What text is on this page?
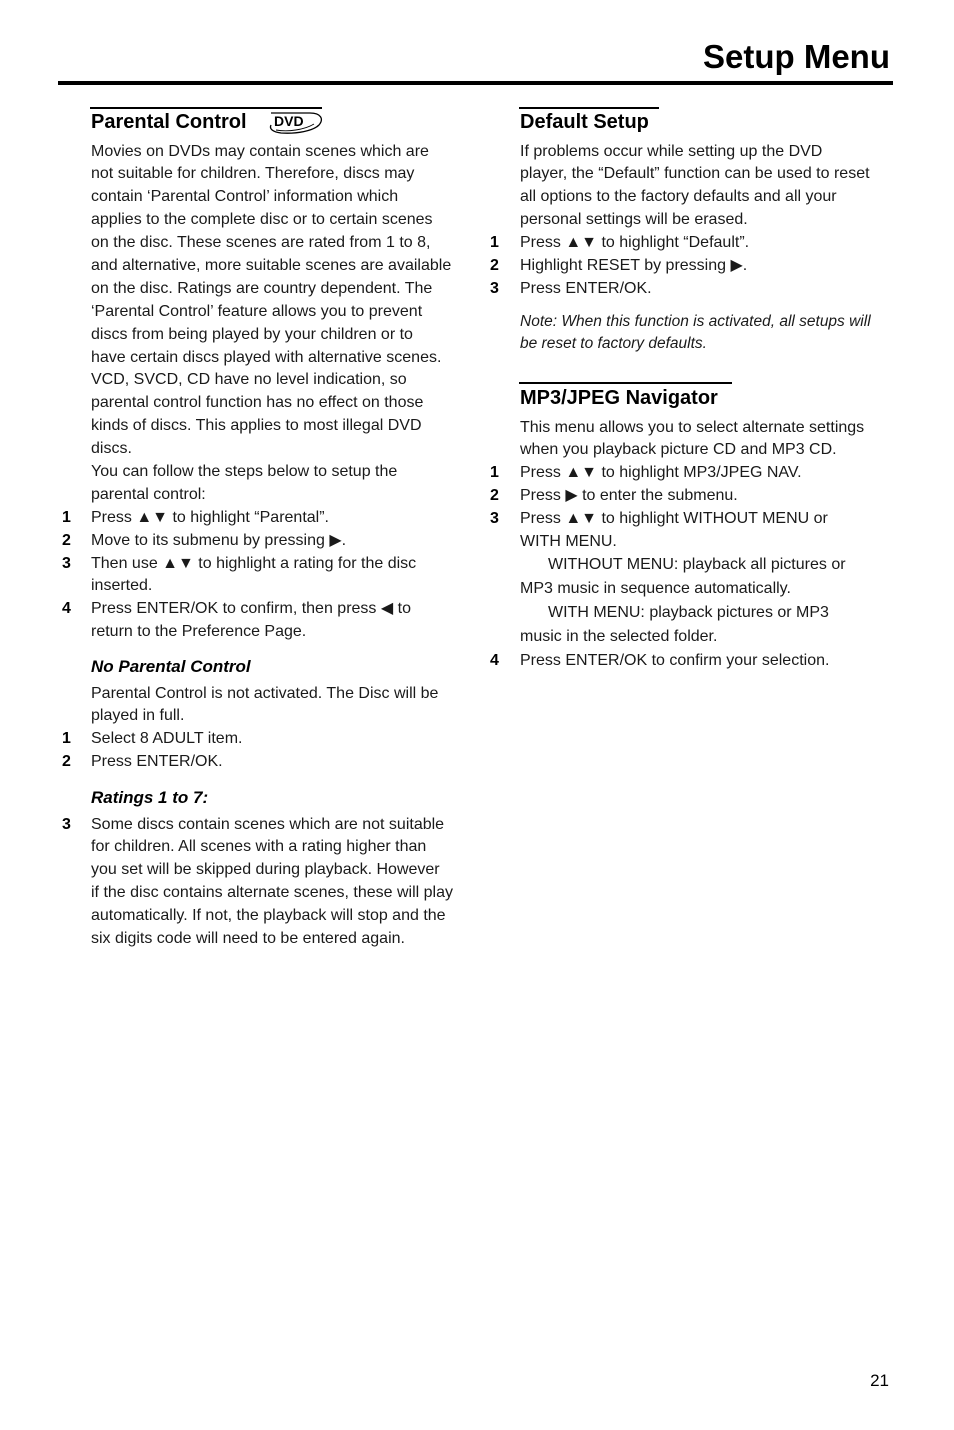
Setup Menu
Parental Control DVD
Movies on DVDs may contain scenes which are
not suitable for children. Therefore, discs may
contain ‘Parental Control’ information which
applies to the complete disc or to certain scenes
on the disc. These scenes are rated from 1 to 8,
and alternative, more suitable scenes are available
on the disc. Ratings are country dependent. The
‘Parental Control’ feature allows you to prevent
discs from being played by your children or to
have certain discs played with alternative scenes.
VCD, SVCD, CD have no level indication, so
parental control function has no effect on those
kinds of discs. This applies to most illegal DVD
discs.
You can follow the steps below to setup the
parental control:
1	Press ▲▼ to highlight “Parental”.
2	Move to its submenu by pressing ▶.
3	Then use ▲▼ to highlight a rating for the disc
inserted.
4	Press ENTER/OK to confirm, then press ◀ to
return to the Preference Page.
No Parental Control
Parental Control is not activated. The Disc will be
played in full.
1	Select 8 ADULT item.
2	Press ENTER/OK.
Ratings 1 to 7:
3	Some discs contain scenes which are not suitable
for children. All scenes with a rating higher than
you set will be skipped during playback. However
if the disc contains alternate scenes, these will play
automatically. If not, the playback will stop and the
six digits code will need to be entered again.
Default Setup
If problems occur while setting up the DVD
player, the “Default” function can be used to reset
all options to the factory defaults and all your
personal settings will be erased.
1	Press ▲▼ to highlight “Default”.
2	Highlight RESET by pressing ▶.
3	Press ENTER/OK.
Note: When this function is activated, all setups will
be reset to factory defaults.
MP3/JPEG Navigator
This menu allows you to select alternate settings
when you playback picture CD and MP3 CD.
1	Press ▲▼ to highlight MP3/JPEG NAV.
2	Press ▶ to enter the submenu.
3	Press ▲▼ to highlight WITHOUT MENU or
WITH MENU.
WITHOUT MENU: playback all pictures or
MP3 music in sequence automatically.
WITH MENU: playback pictures or MP3
music in the selected folder.
4	Press ENTER/OK to confirm your selection.
21
